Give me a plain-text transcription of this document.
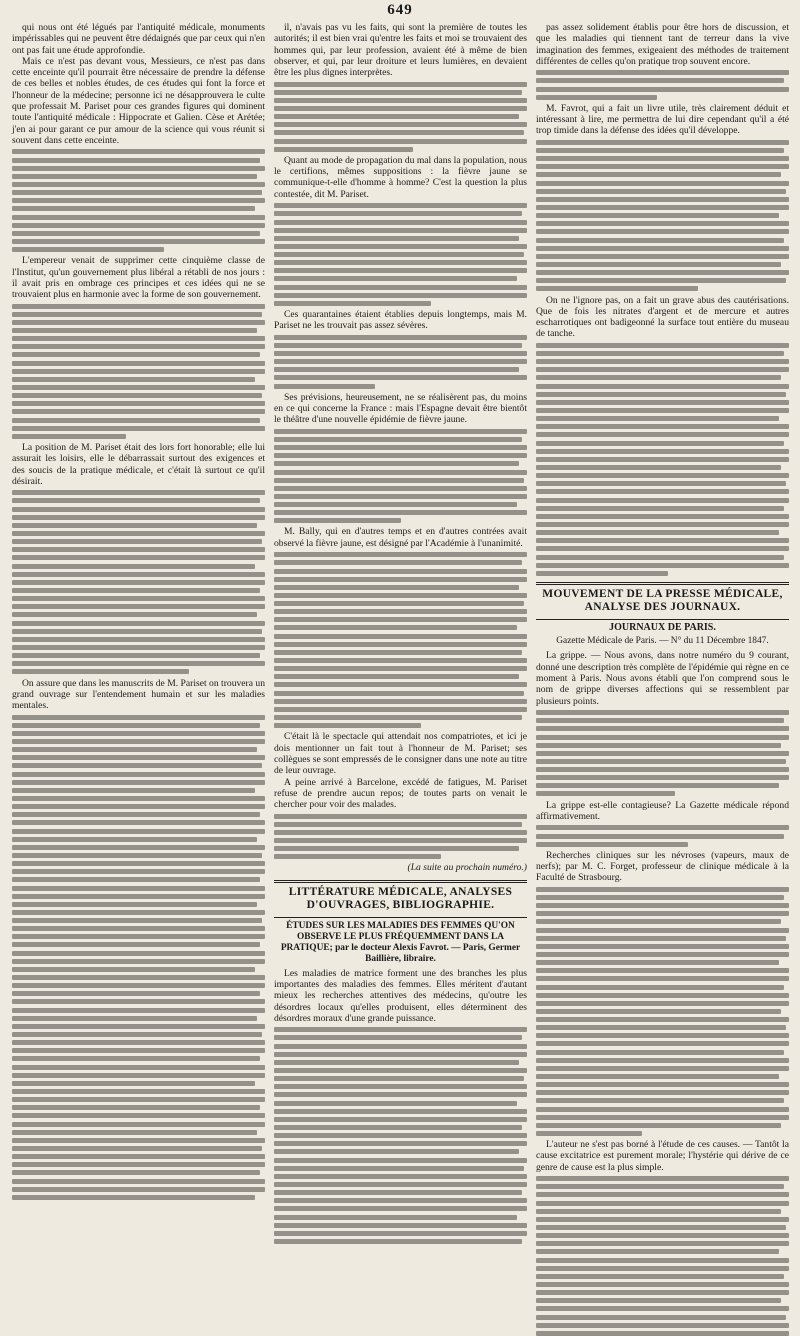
649

qui nous ont été légués par l'antiquité médicale, monuments impérissables qui ne peuvent être dédaignés que par ceux qui n'en ont pas fait une étude approfondie.

Mais ce n'est pas devant vous, Messieurs, ce n'est pas dans cette enceinte qu'il pourrait être nécessaire de prendre la défense de ces belles et nobles études, de ces études qui font la force et l'honneur de la médecine; personne ici ne désapprouvera le culte que professait M. Pariset pour ces grandes figures qui dominent toute l'antiquité médicale : Hippocrate et Galien. Cèse et Arétée; j'en ai pour garant ce pur amour de la science qui vous réunit si souvent dans cette enceinte.

L'empereur venait de supprimer cette cinquième classe de l'Institut, qu'un gouvernement plus libéral a rétabli de nos jours : il avait pris en ombrage ces principes et ces idées qui ne se trouvaient plus en harmonie avec la forme de son gouvernement.

La position de M. Pariset était des lors fort honorable; elle lui assurait les loisirs, elle le débarrassait surtout des exigences et des soucis de la pratique médicale, et c'était là surtout ce qu'il désirait.

On assure que dans les manuscrits de M. Pariset on trouvera un grand ouvrage sur l'entendement humain et sur les maladies mentales.

il, n'avais pas vu les faits, qui sont la première de toutes les autorités; il est bien vrai qu'entre les faits et moi se trouvaient des hommes qui, par leur profession, avaient été à même de bien observer, et qui, par leur droiture et leurs lumières, en devaient être les plus dignes interprètes.

Quant au mode de propagation du mal dans la population, nous le certifions, mêmes suppositions : la fièvre jaune se communique-t-elle d'homme à homme? C'est la question la plus contestée, dit M. Pariset.

Ces quarantaines étaient établies depuis longtemps, mais M. Pariset ne les trouvait pas assez sévères.

Ses prévisions, heureusement, ne se réalisèrent pas, du moins en ce qui concerne la France : mais l'Espagne devait être bientôt le théâtre d'une nouvelle épidémie de fièvre jaune.

M. Bally, qui en d'autres temps et en d'autres contrées avait observé la fièvre jaune, est désigné par l'Académie à l'unanimité.

C'était là le spectacle qui attendait nos compatriotes, et ici je dois mentionner un fait tout à l'honneur de M. Pariset; ses collègues se sont empressés de le consigner dans une note au titre de leur ouvrage.

A peine arrivé à Barcelone, excédé de fatigues, M. Pariset refuse de prendre aucun repos; de toutes parts on venait le chercher pour voir des malades.

(La suite au prochain numéro.)
LITTÉRATURE MÉDICALE, ANALYSES D'OUVRAGES, BIBLIOGRAPHIE.
ÉTUDES SUR LES MALADIES DES FEMMES QU'ON OBSERVE LE PLUS FRÉQUEMMENT DANS LA PRATIQUE; par le docteur Alexis Favrot. — Paris, Germer Baillière, libraire.

Les maladies de matrice forment une des branches les plus importantes des maladies des femmes. Elles méritent d'autant mieux les recherches attentives des médecins, qu'outre les désordres locaux qu'elles produisent, elles déterminent des désordres moraux d'une grande puissance.

pas assez solidement établis pour être hors de discussion, et que les maladies qui tiennent tant de terreur dans la vive imagination des femmes, exigeaient des méthodes de traitement différentes de celles qu'on pratique trop souvent encore.

M. Favrot, qui a fait un livre utile, très clairement déduit et intéressant à lire, me permettra de lui dire cependant qu'il a été trop timide dans la défense des idées qu'il développe.

On ne l'ignore pas, on a fait un grave abus des cautérisations. Que de fois les nitrates d'argent et de mercure et autres escharrotiques ont badigeonné la surface tout entière du museau de tanche.

MOUVEMENT DE LA PRESSE MÉDICALE, ANALYSE DES JOURNAUX.
JOURNAUX DE PARIS.
Gazette Médicale de Paris. — N° du 11 Décembre 1847.

La grippe. — Nous avons, dans notre numéro du 9 courant, donné une description très complète de l'épidémie qui règne en ce moment à Paris. Nous avons établi que l'on comprend sous le nom de grippe diverses affections qui se ressemblent par plusieurs points.

La grippe est-elle contagieuse? La Gazette médicale répond affirmativement.

Recherches cliniques sur les névroses (vapeurs, maux de nerfs); par M. C. Forget, professeur de clinique médicale à la Faculté de Strasbourg.

L'auteur ne s'est pas borné à l'étude de ces causes. — Tantôt la cause excitatrice est purement morale; l'hystérie qui dérive de ce genre de cause est la plus simple.
